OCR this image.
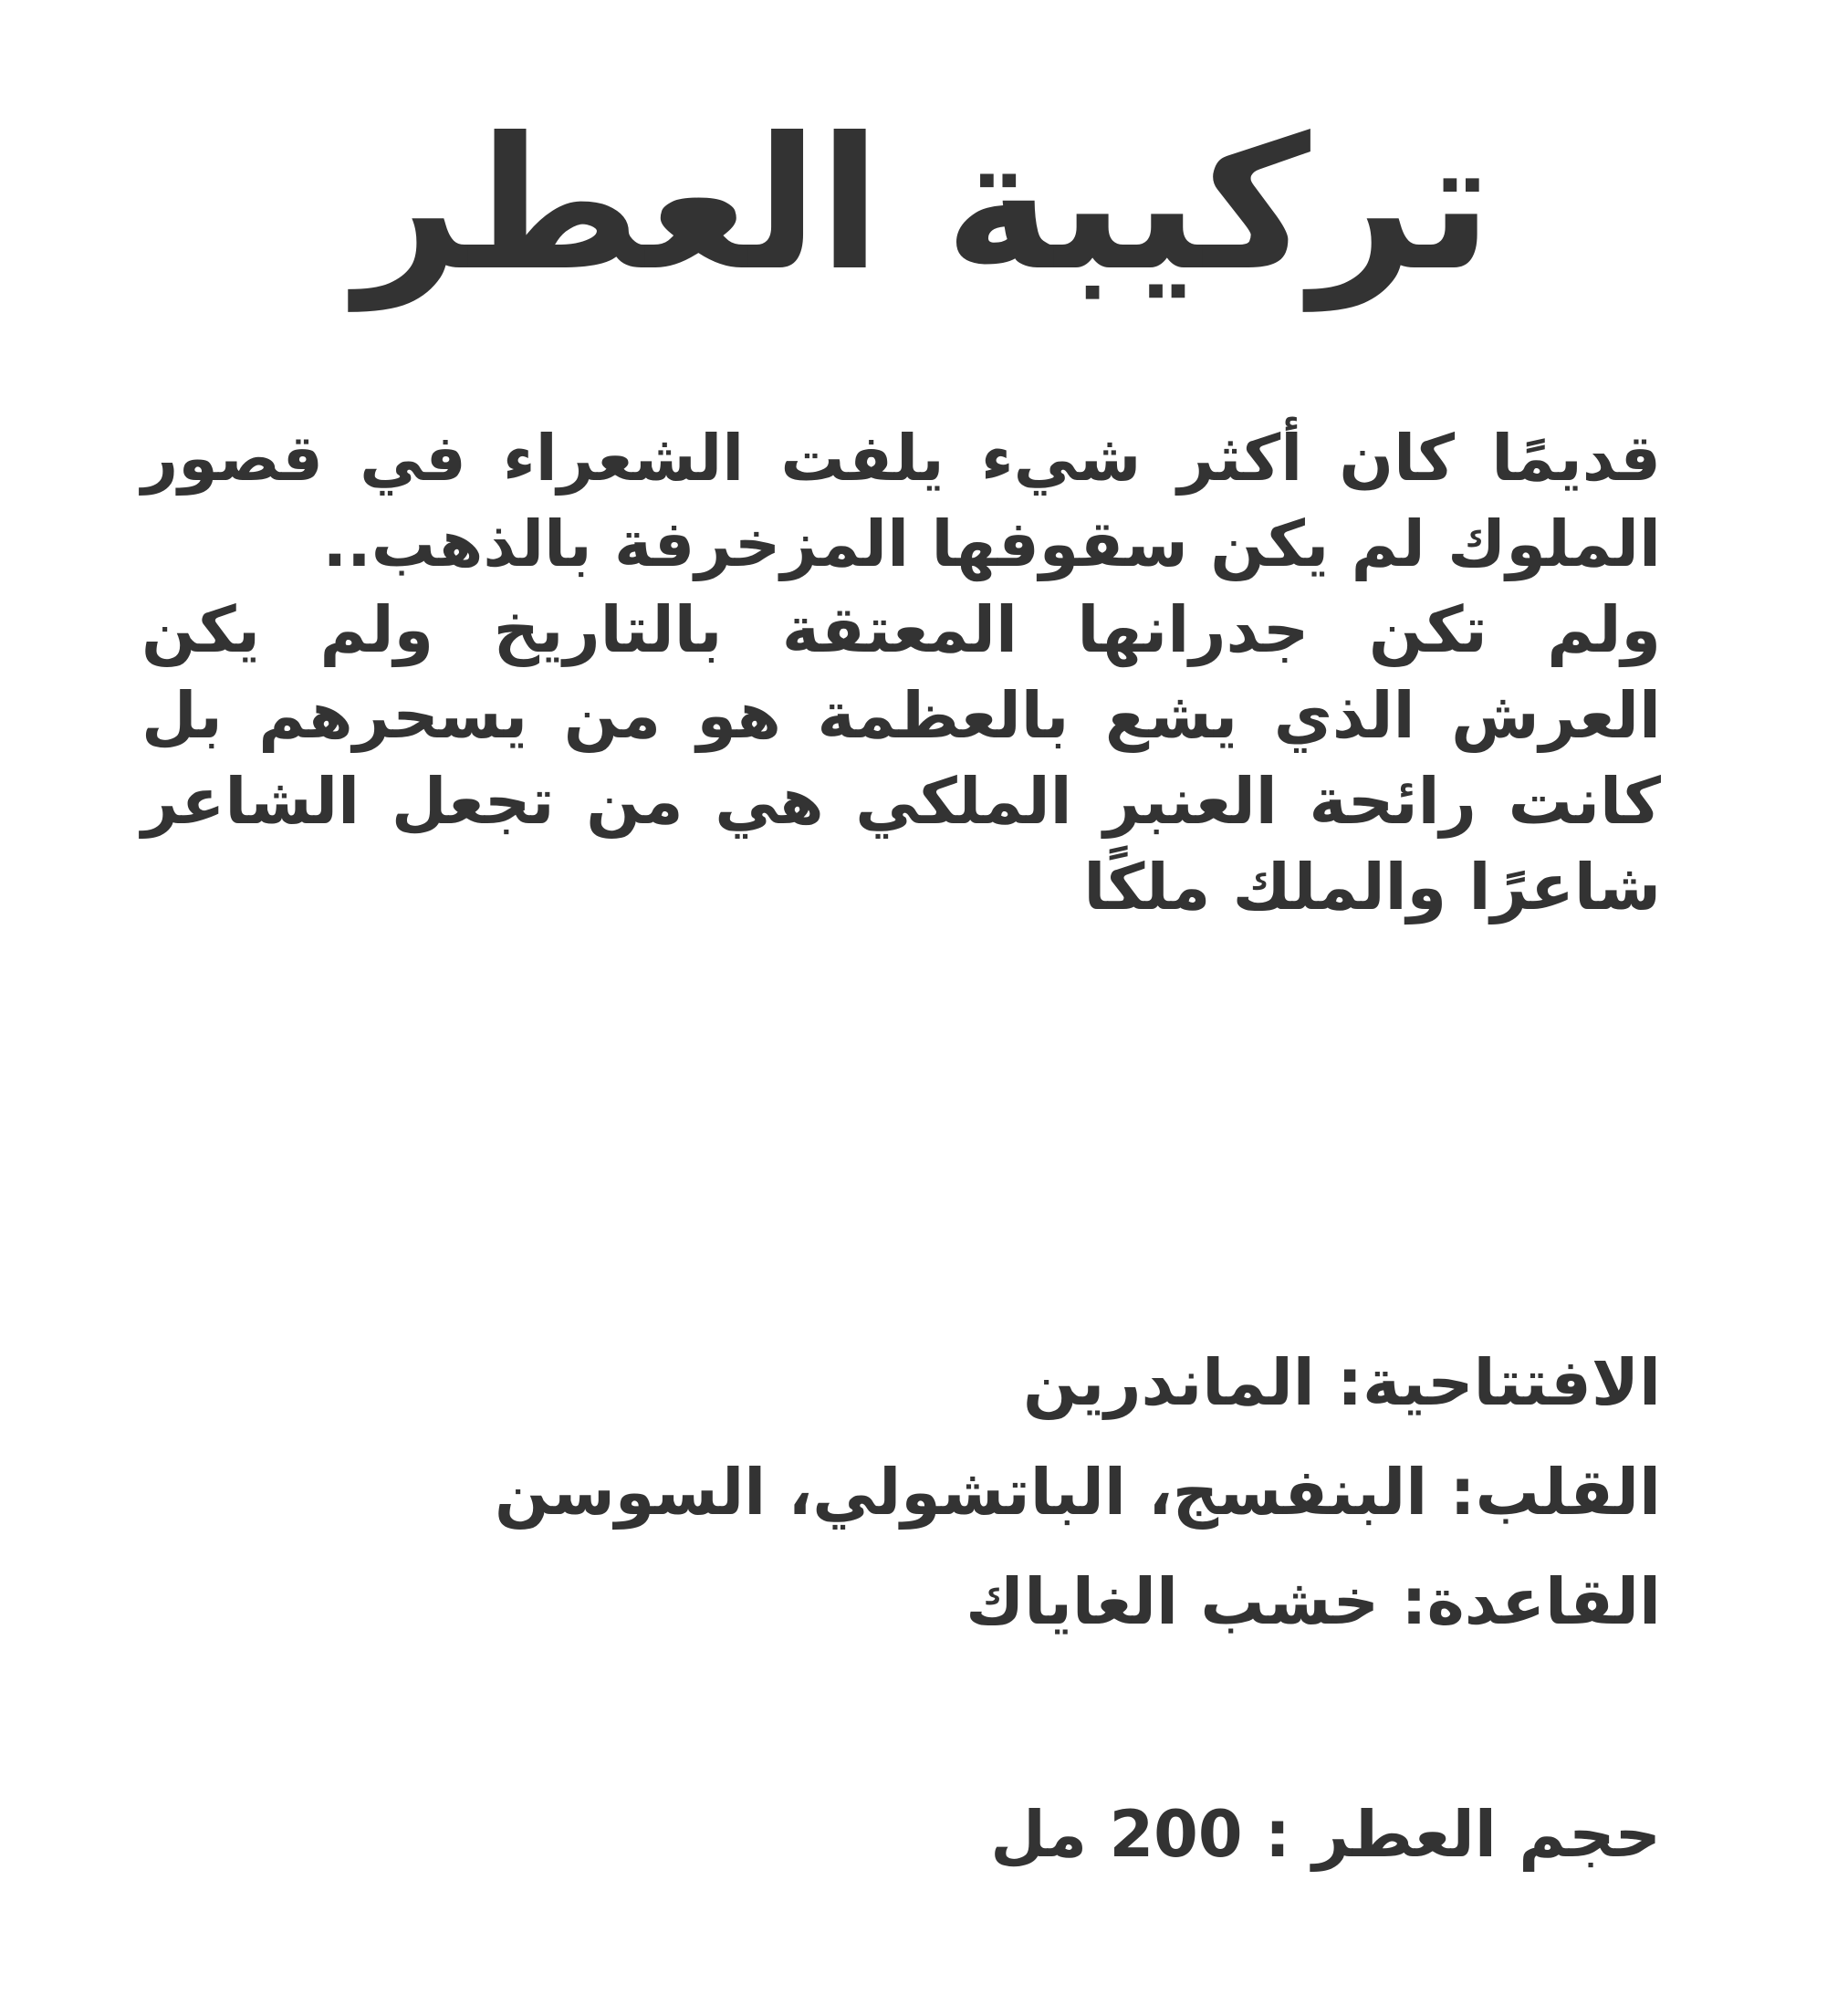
تركيبة العطر
قديمًا كان أكثر شيء يلفت الشعراء في قصور الملوك لم يكن سقوفها المزخرفة بالذهب..
ولم تكن جدرانها المعتقة بالتاريخ ولم يكن العرش الذي يشع بالعظمة هو من يسحرهم بل كانت رائحة العنبر الملكي هي من تجعل الشاعر شاعرًا والملك ملكًا
الافتتاحية: الماندرين
القلب: البنفسج، الباتشولي، السوسن
القاعدة: خشب الغاياك

حجم العطر : 200 مل
